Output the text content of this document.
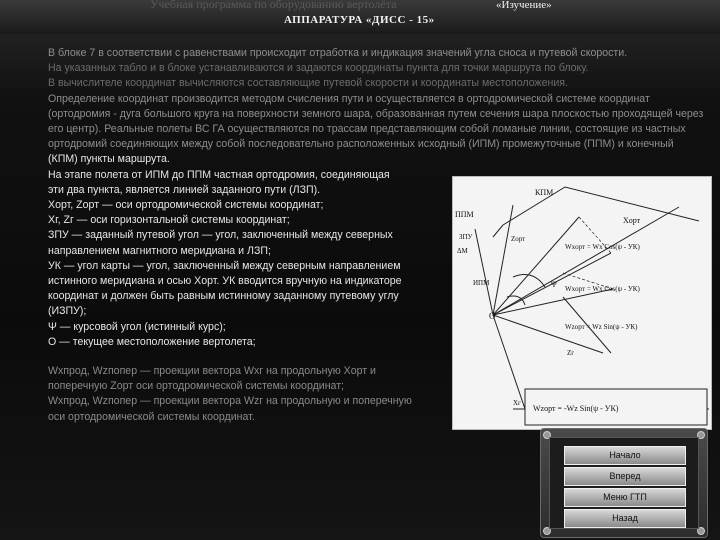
Учебная программа по оборудованию вертолёта
АППАРАТУРА «ДИСС - 15»
«Изучение»

В блоке 7 в соответствии с равенствами происходит отработка и индикация значений угла сноса и путевой скорости.

На указанных табло и в блоке устанавливаются и задаются координаты пункта для точки маршрута по блоку.

В вычислителе координат вычисляются составляющие путевой скорости и координаты местоположения.

Определение координат производится методом счисления пути и осуществляется в ортодромической системе координат (ортодромия - дуга большого круга на поверхности земного шара, образованная путем сечения шара плоскостью проходящей через его центр). Реальные полеты ВС ГА осуществляются по трассам представляющим собой ломаные линии, состоящие из частных ортодромий соединяющих между собой последовательно расположенных исходный (ИПМ) промежуточные (ППМ) и конечный

(КПМ) пункты маршрута.

На этапе полета от ИПМ до ППМ частная ортодромия, соединяющая

эти два пункта, является линией заданного пути (ЛЗП).

Xорт, Zорт — оси ортодромической системы координат;

Xг, Zг — оси горизонтальной системы координат;

ЗПУ — заданный путевой угол — угол, заключенный между северных

направлением магнитного меридиана и ЛЗП;

УК — угол карты — угол, заключенный между северным направлением

истинного меридиана и осью Xорт. УК вводится вручную на индикаторе

координат и должен быть равным истинному заданному путевому углу

(ИЗПУ);

Ψ — курсовой угол (истинный курс);

О — текущее местоположение вертолета;

Wxпрод, Wzпопер — проекции вектора Wxг на продольную Xорт и

поперечную Zорт оси ортодромической системы координат;

Wxпрод, Wzпопер — проекции вектора Wzг на продольную и поперечную

оси ортодромической системы координат.

КПМ
ППМ
ИПМ
ЗПУ
Xорт
ΔМ
Zорт
O
Ψ
Zг
Xг
Wxорт = Wx Cos(ψ - УК)
Wxорт = Wx Cos(ψ - УК)
Wzорт = Wz Sin(ψ - УК)
Wzорт = -Wz Sin(ψ - УК)
Начало
Вперед
Меню ГТП
Назад
